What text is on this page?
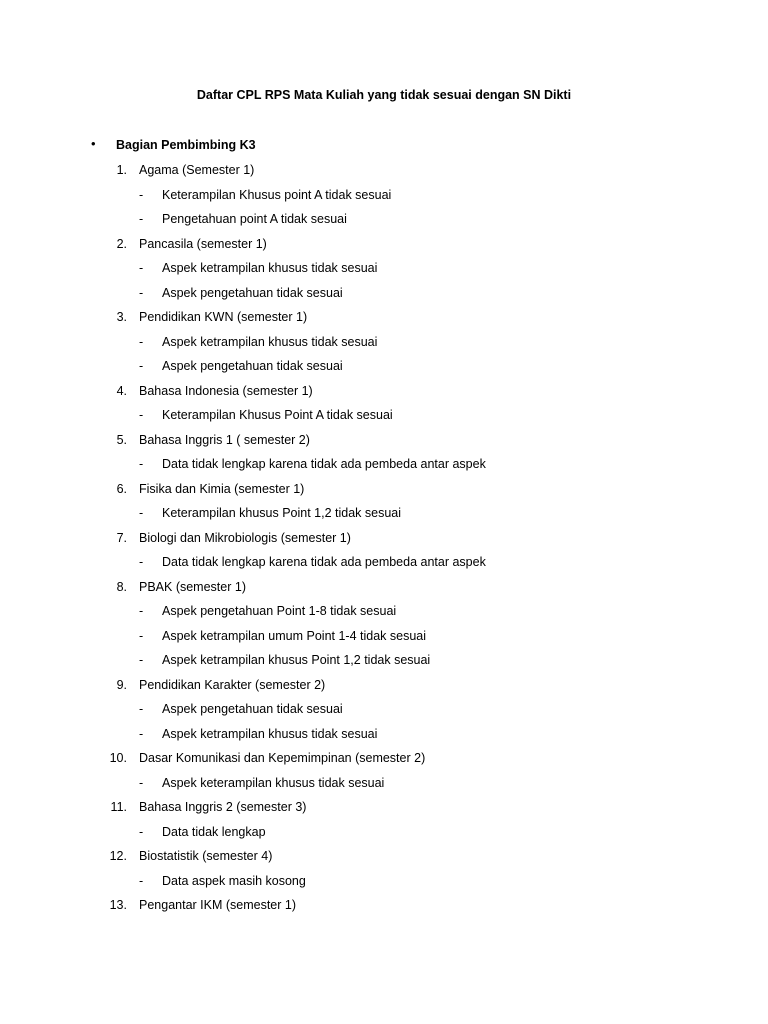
Daftar CPL RPS Mata Kuliah yang tidak sesuai dengan SN Dikti
• Bagian Pembimbing K3
1. Agama (Semester 1)
- Keterampilan Khusus point A tidak sesuai
- Pengetahuan point A tidak sesuai
2. Pancasila (semester 1)
- Aspek ketrampilan khusus tidak sesuai
- Aspek pengetahuan tidak sesuai
3. Pendidikan KWN (semester 1)
- Aspek ketrampilan khusus tidak sesuai
- Aspek pengetahuan tidak sesuai
4. Bahasa Indonesia (semester 1)
- Keterampilan Khusus Point A tidak sesuai
5. Bahasa Inggris 1 ( semester 2)
- Data tidak lengkap karena tidak ada pembeda antar aspek
6. Fisika dan Kimia (semester 1)
- Keterampilan khusus Point 1,2 tidak sesuai
7. Biologi dan Mikrobiologis (semester 1)
- Data tidak lengkap karena tidak ada pembeda antar aspek
8. PBAK (semester 1)
- Aspek pengetahuan Point 1-8 tidak sesuai
- Aspek ketrampilan umum Point 1-4 tidak sesuai
- Aspek ketrampilan khusus Point 1,2 tidak sesuai
9. Pendidikan Karakter (semester 2)
- Aspek pengetahuan tidak sesuai
- Aspek ketrampilan khusus tidak sesuai
10. Dasar Komunikasi dan Kepemimpinan (semester 2)
- Aspek keterampilan khusus tidak sesuai
11. Bahasa Inggris 2 (semester 3)
- Data tidak lengkap
12. Biostatistik (semester 4)
- Data aspek masih kosong
13. Pengantar IKM (semester 1)
